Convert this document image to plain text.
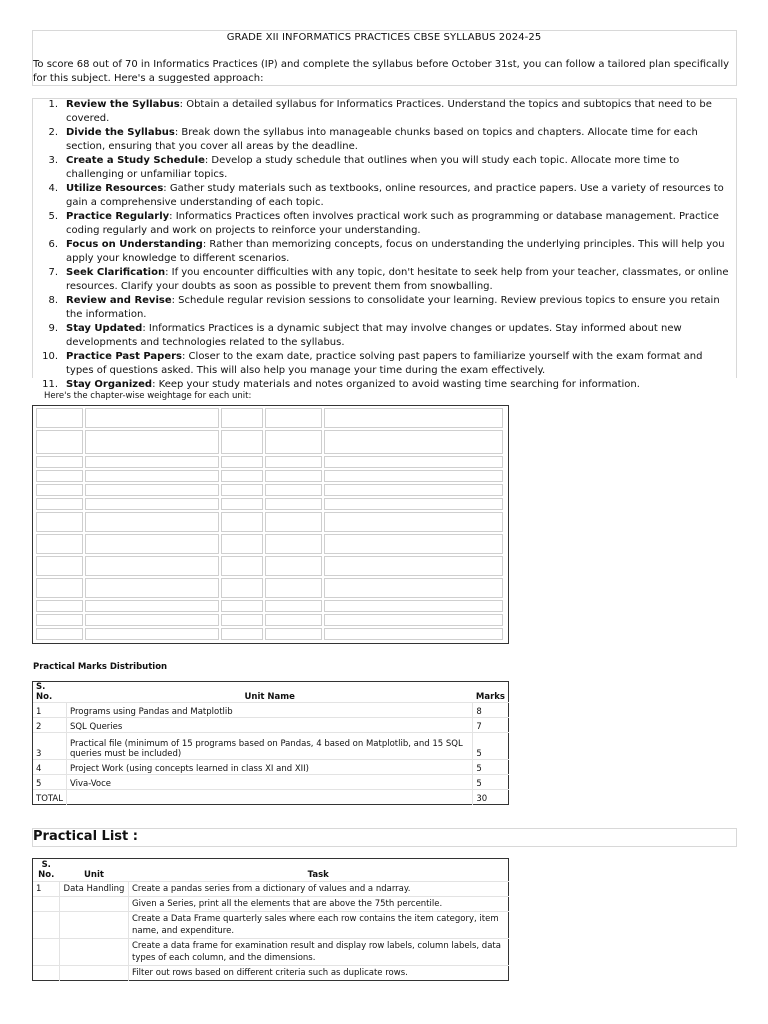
GRADE XII INFORMATICS PRACTICES CBSE SYLLABUS 2024-25
To score 68 out of 70 in Informatics Practices (IP) and complete the syllabus before October 31st, you can follow a tailored plan specifically for this subject. Here's a suggested approach:
1. Review the Syllabus: Obtain a detailed syllabus for Informatics Practices. Understand the topics and subtopics that need to be covered.
2. Divide the Syllabus: Break down the syllabus into manageable chunks based on topics and chapters. Allocate time for each section, ensuring that you cover all areas by the deadline.
3. Create a Study Schedule: Develop a study schedule that outlines when you will study each topic. Allocate more time to challenging or unfamiliar topics.
4. Utilize Resources: Gather study materials such as textbooks, online resources, and practice papers. Use a variety of resources to gain a comprehensive understanding of each topic.
5. Practice Regularly: Informatics Practices often involves practical work such as programming or database management. Practice coding regularly and work on projects to reinforce your understanding.
6. Focus on Understanding: Rather than memorizing concepts, focus on understanding the underlying principles. This will help you apply your knowledge to different scenarios.
7. Seek Clarification: If you encounter difficulties with any topic, don't hesitate to seek help from your teacher, classmates, or online resources. Clarify your doubts as soon as possible to prevent them from snowballing.
8. Review and Revise: Schedule regular revision sessions to consolidate your learning. Review previous topics to ensure you retain the information.
9. Stay Updated: Informatics Practices is a dynamic subject that may involve changes or updates. Stay informed about new developments and technologies related to the syllabus.
10. Practice Past Papers: Closer to the exam date, practice solving past papers to familiarize yourself with the exam format and types of questions asked. This will also help you manage your time during the exam effectively.
11. Stay Organized: Keep your study materials and notes organized to avoid wasting time searching for information.
Here's the chapter-wise weightage for each unit:
Practical Marks Distribution
S. No.	Unit Name	Marks
1	Programs using Pandas and Matplotlib	8
2	SQL Queries	7
3	Practical file (minimum of 15 programs based on Pandas, 4 based on Matplotlib, and 15 SQL queries must be included)	5
4	Project Work (using concepts learned in class XI and XII)	5
5	Viva-Voce	5
TOTAL		30
Practical List :
S. No.	Unit	Task
1	Data Handling	Create a pandas series from a dictionary of values and a ndarray.
		Given a Series, print all the elements that are above the 75th percentile.
		Create a Data Frame quarterly sales where each row contains the item category, item name, and expenditure.
		Create a data frame for examination result and display row labels, column labels, data types of each column, and the dimensions.
		Filter out rows based on different criteria such as duplicate rows.
